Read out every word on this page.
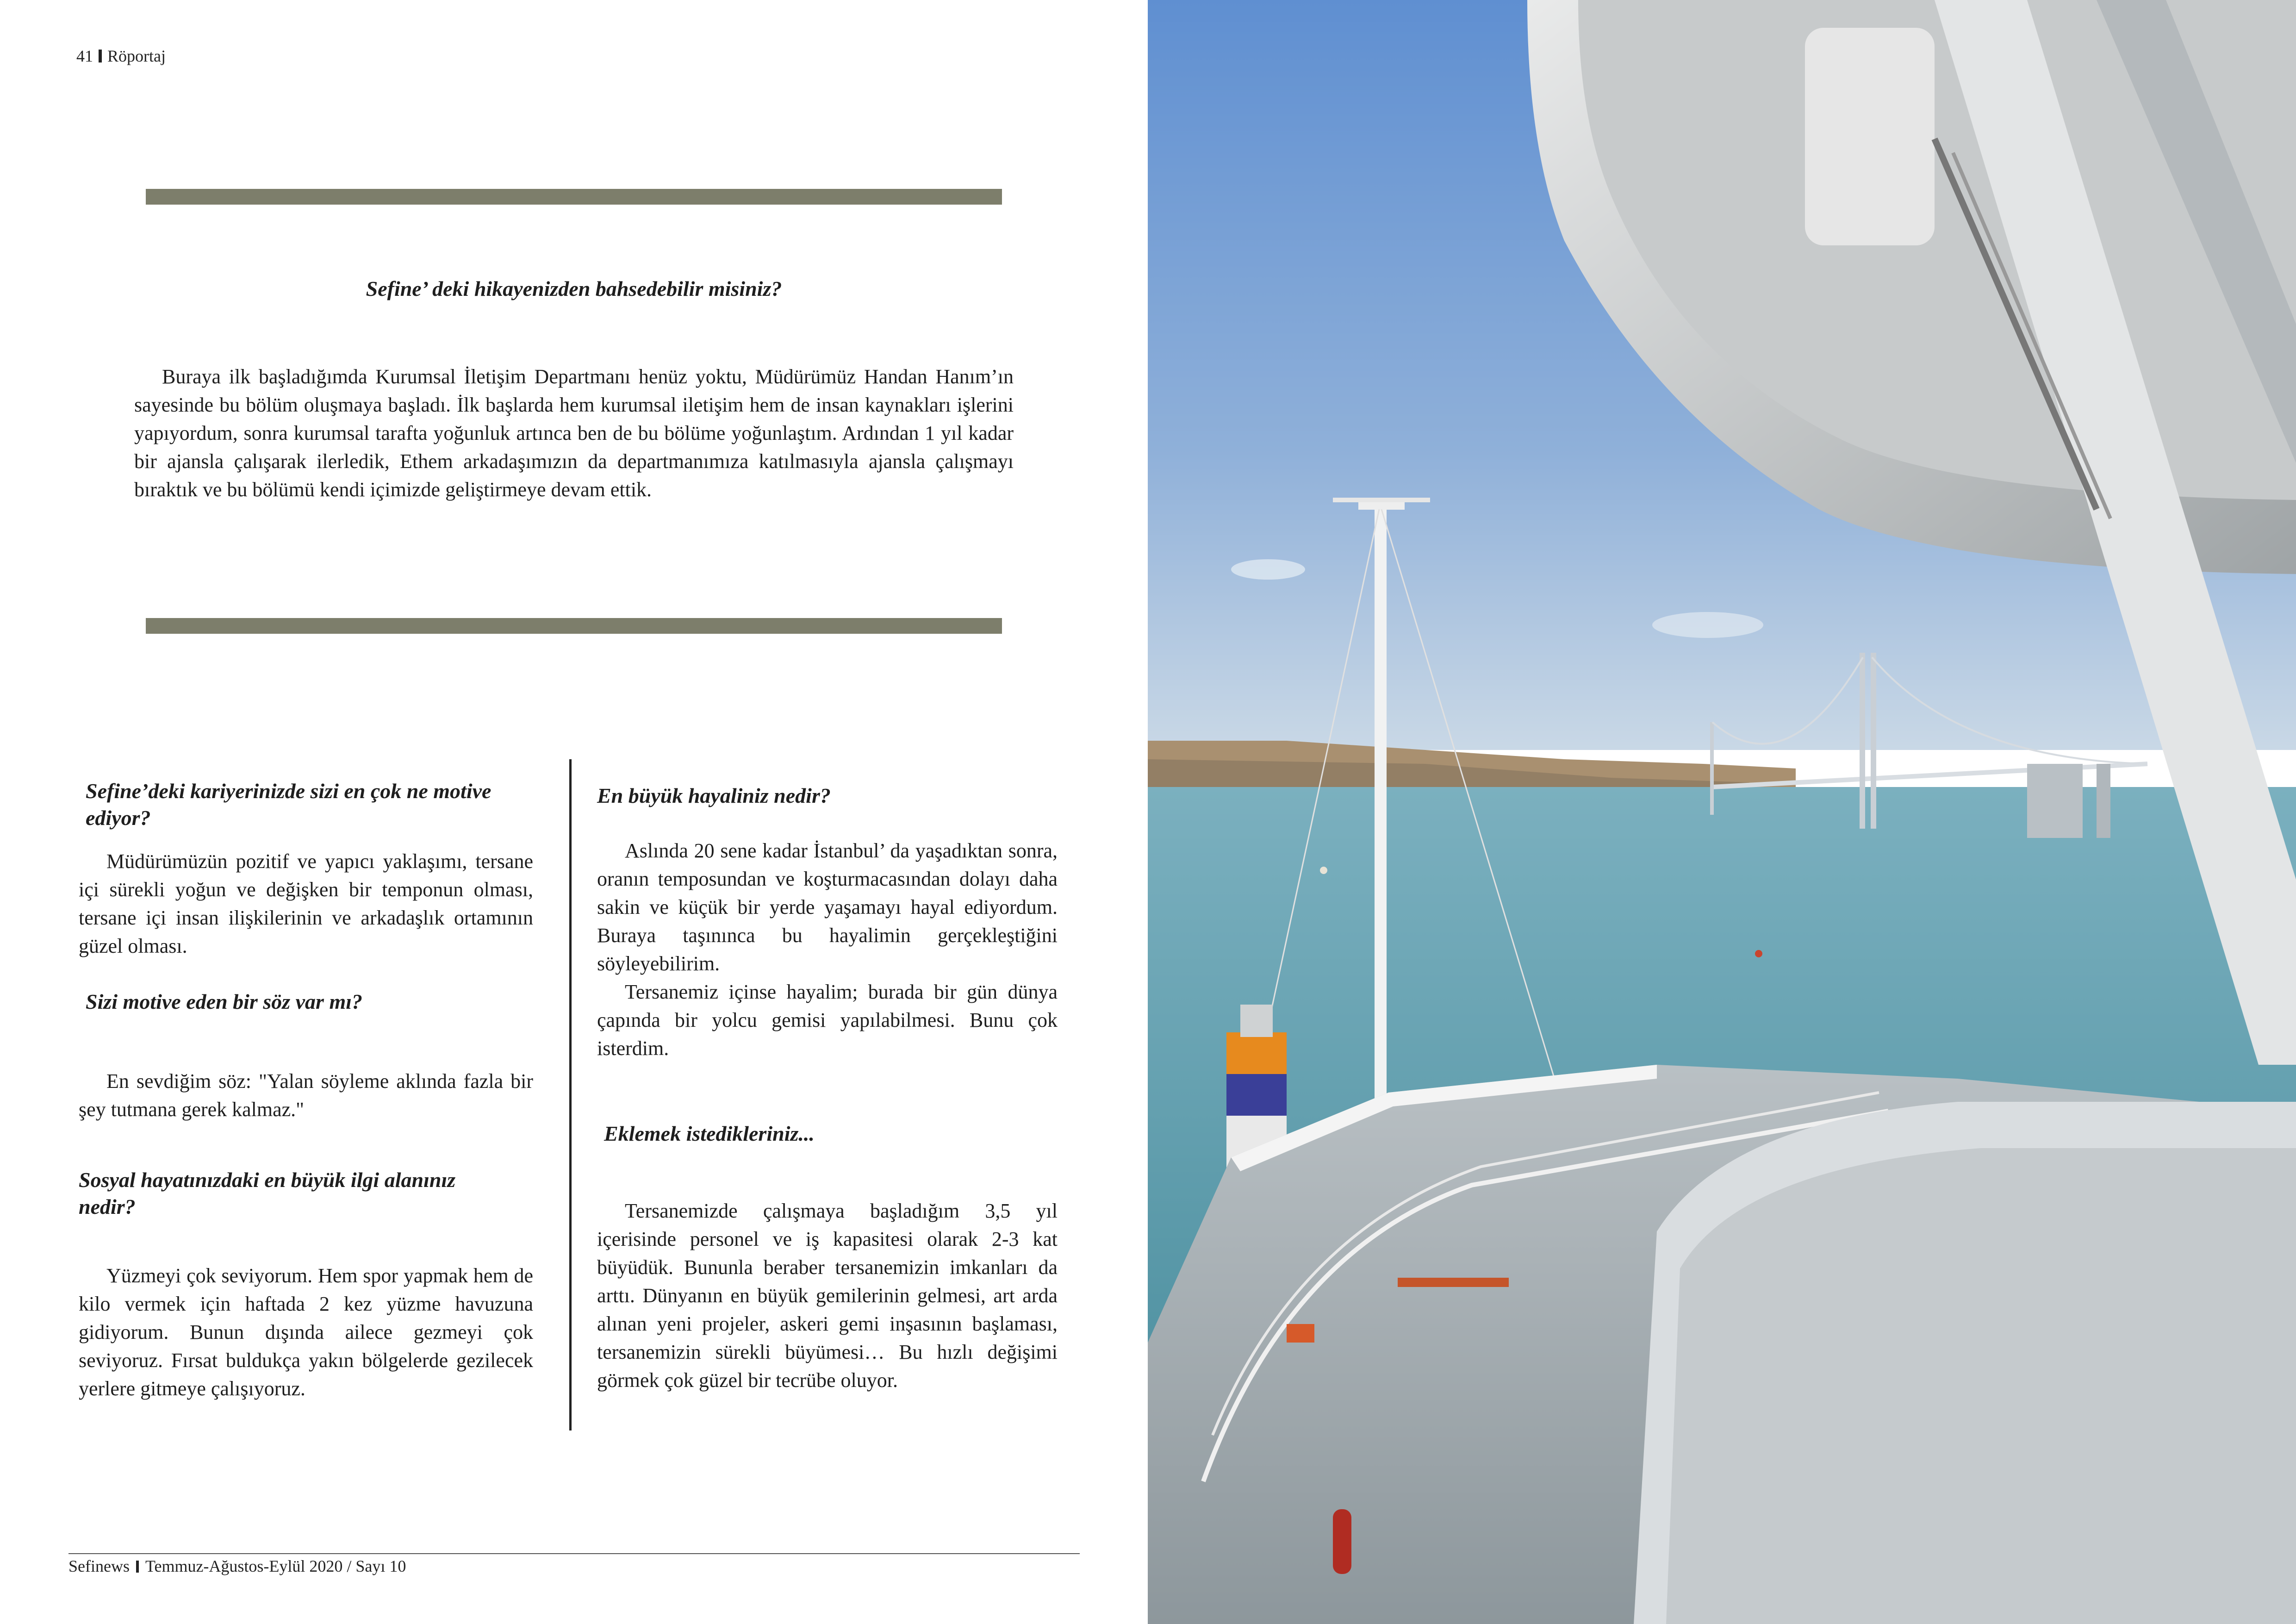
41 Röportaj
Sefine’ deki hikayenizden bahsedebilir misiniz?

Buraya ilk başladığımda Kurumsal İletişim Departmanı henüz yoktu, Müdürümüz Handan Hanım’ın sayesinde bu bölüm oluşmaya başladı. İlk başlarda hem kurumsal iletişim hem de insan kaynakları işlerini yapıyordum, sonra kurumsal tarafta yoğunluk artınca ben de bu bölüme yoğunlaştım. Ardından 1 yıl kadar bir ajansla çalışarak ilerledik, Ethem arkadaşımızın da departmanımıza katılmasıyla ajansla çalışmayı bıraktık ve bu bölümü kendi içimizde geliştirmeye devam ettik.

Sefine’deki kariyerinizde sizi en çok ne motive ediyor?

Müdürümüzün pozitif ve yapıcı yaklaşımı, tersane içi sürekli yoğun ve değişken bir temponun olması, tersane içi insan ilişkilerinin ve arkadaşlık ortamının güzel olması.

Sizi motive eden bir söz var mı?

En sevdiğim söz: "Yalan söyleme aklında fazla bir şey tutmana gerek kalmaz."

Sosyal hayatınızdaki en büyük ilgi alanınız nedir?

Yüzmeyi çok seviyorum. Hem spor yapmak hem de kilo vermek için haftada 2 kez yüzme havuzuna gidiyorum. Bunun dışında ailece gezmeyi çok seviyoruz. Fırsat buldukça yakın bölgelerde gezilecek yerlere gitmeye çalışıyoruz.

En büyük hayaliniz nedir?

Aslında 20 sene kadar İstanbul’ da yaşadıktan sonra, oranın temposundan ve koşturmacasından dolayı daha sakin ve küçük bir yerde yaşamayı hayal ediyordum. Buraya taşınınca bu hayalimin gerçekleştiğini söyleyebilirim.

Tersanemiz içinse hayalim; burada bir gün dünya çapında bir yolcu gemisi yapılabilmesi. Bunu çok isterdim.

Eklemek istedikleriniz...

Tersanemizde çalışmaya başladığım 3,5 yıl içerisinde personel ve iş kapasitesi olarak 2-3 kat büyüdük. Bununla beraber tersanemizin imkanları da arttı. Dünyanın en büyük gemilerinin gelmesi, art arda alınan yeni projeler, askeri gemi inşasının başlaması, tersanemizin sürekli büyümesi… Bu hızlı değişimi görmek çok güzel bir tecrübe oluyor.

Sefinews Temmuz-Ağustos-Eylül 2020 / Sayı 10
